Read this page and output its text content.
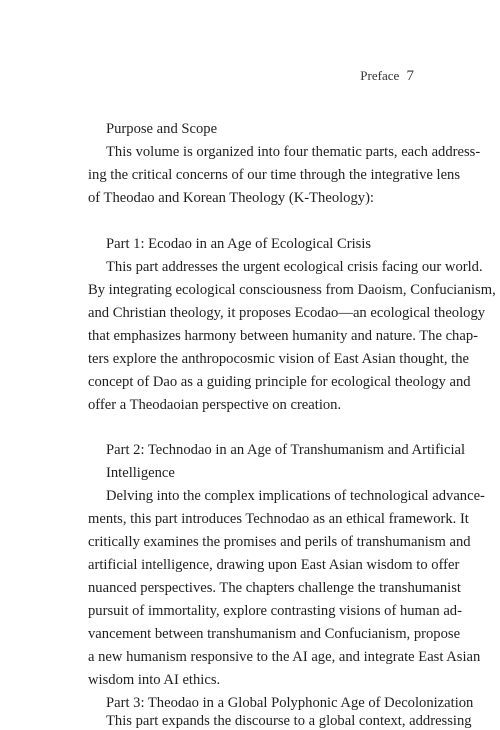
Preface 7
Purpose and Scope
This volume is organized into four thematic parts, each address-
ing the critical concerns of our time through the integrative lens
of Theodao and Korean Theology (K-Theology):
Part 1: Ecodao in an Age of Ecological Crisis
This part addresses the urgent ecological crisis facing our world.
By integrating ecological consciousness from Daoism, Confucianism,
and Christian theology, it proposes Ecodao—an ecological theology
that emphasizes harmony between humanity and nature. The chap-
ters explore the anthropocosmic vision of East Asian thought, the
concept of Dao as a guiding principle for ecological theology and
offer a Theodaoian perspective on creation.
Part 2: Technodao in an Age of Transhumanism and Artificial
Intelligence
Delving into the complex implications of technological advance-
ments, this part introduces Technodao as an ethical framework. It
critically examines the promises and perils of transhumanism and
artificial intelligence, drawing upon East Asian wisdom to offer
nuanced perspectives. The chapters challenge the transhumanist
pursuit of immortality, explore contrasting visions of human ad-
vancement between transhumanism and Confucianism, propose
a new humanism responsive to the AI age, and integrate East Asian
wisdom into AI ethics.
Part 3: Theodao in a Global Polyphonic Age of Decolonization
This part expands the discourse to a global context, addressing
